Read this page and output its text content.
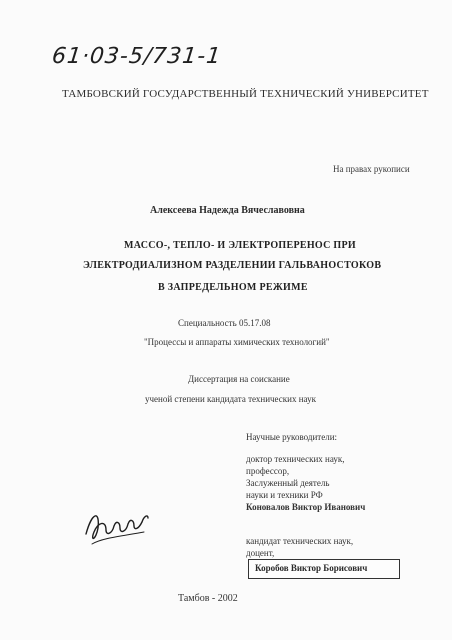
61·03-5/731-1
ТАМБОВСКИЙ ГОСУДАРСТВЕННЫЙ ТЕХНИЧЕСКИЙ УНИВЕРСИТЕТ
На правах рукописи
Алексеева Надежда Вячеславовна
МАССО-, ТЕПЛО- И ЭЛЕКТРОПЕРЕНОС ПРИ
ЭЛЕКТРОДИАЛИЗНОМ РАЗДЕЛЕНИИ ГАЛЬВАНОСТОКОВ
В ЗАПРЕДЕЛЬНОМ РЕЖИМЕ
Специальность 05.17.08
"Процессы и аппараты химических технологий"
Диссертация на соискание
ученой степени кандидата технических наук
Научные руководители:
доктор технических наук,
профессор,
Заслуженный деятель
науки и техники РФ
Коновалов Виктор Иванович
кандидат технических наук,
доцент,
Коробов Виктор Борисович
Тамбов - 2002
